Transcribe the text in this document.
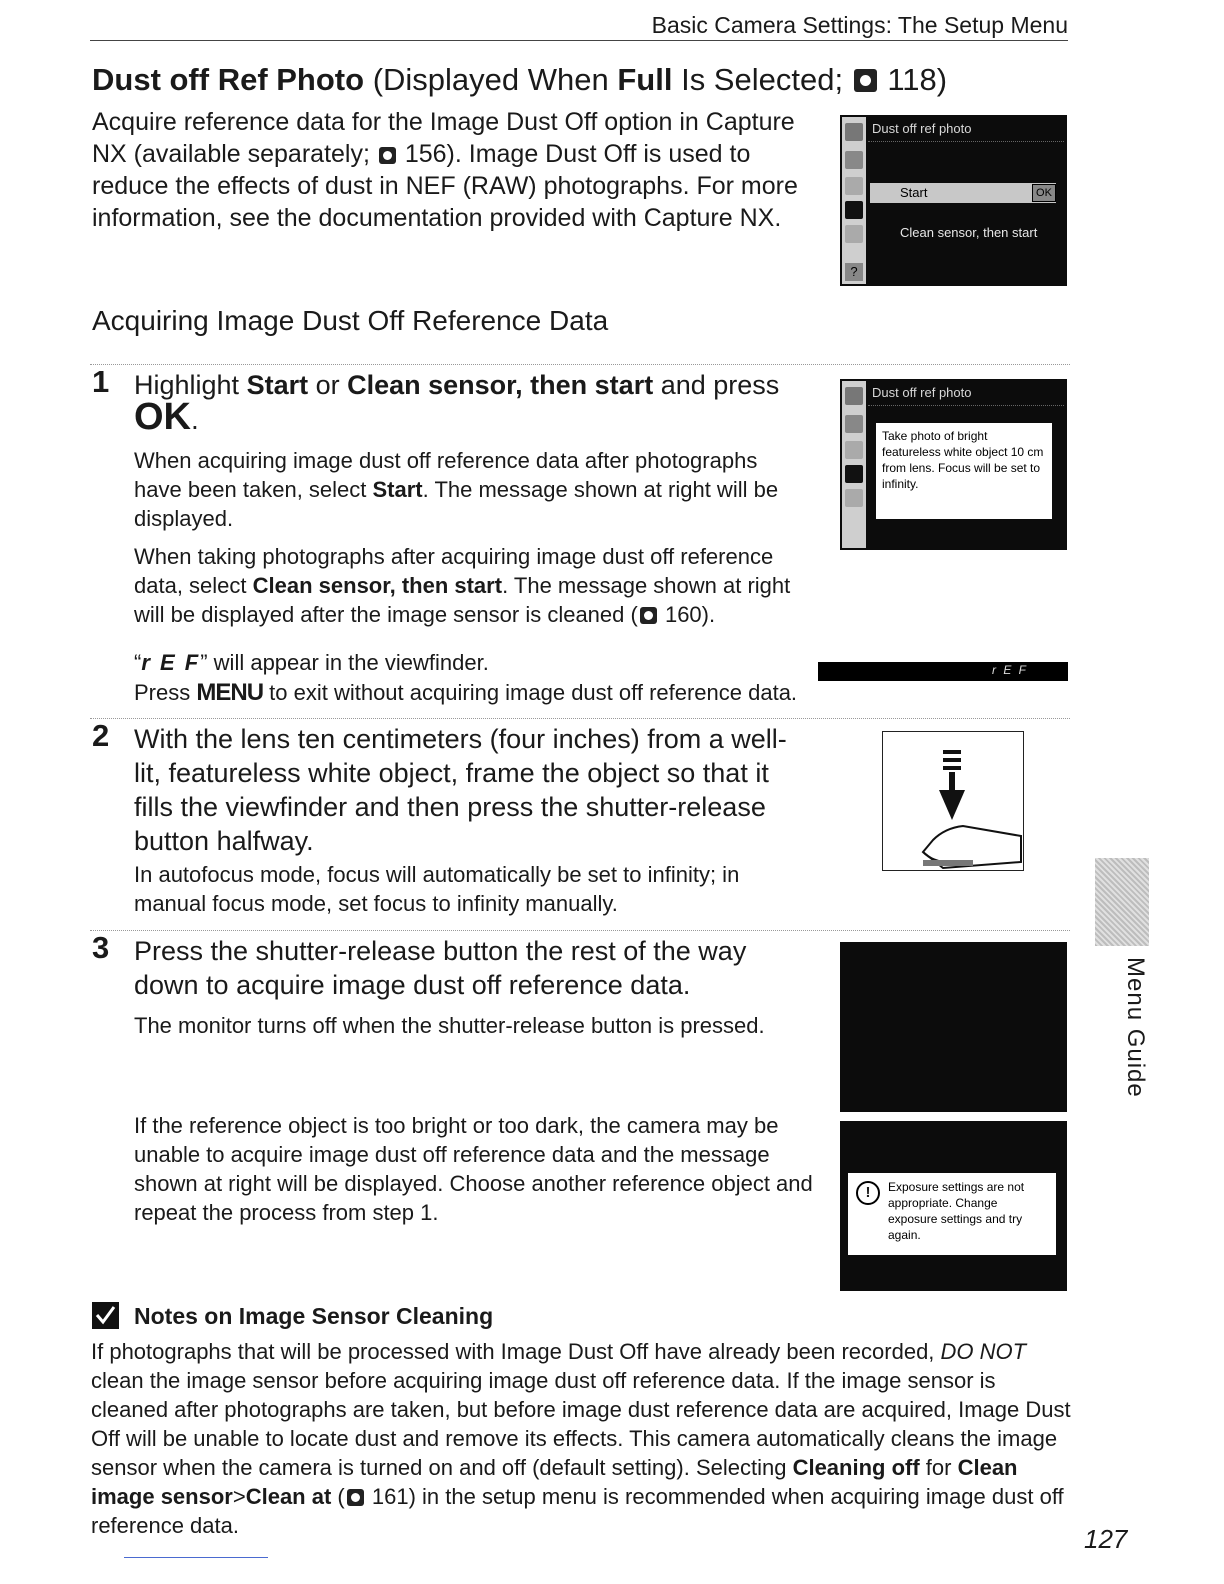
Basic Camera Settings: The Setup Menu
Dust off Ref Photo (Displayed When Full Is Selected;  118)
Acquire reference data for the Image Dust Off option in Capture NX (available separately;  156). Image Dust Off is used to reduce the effects of dust in NEF (RAW) photographs. For more information, see the documentation provided with Capture NX.
?
Dust off ref photo
Start	OK
Clean sensor, then start
Acquiring Image Dust Off Reference Data
1 Highlight Start or Clean sensor, then start and press
OK.
When acquiring image dust off reference data after photographs have been taken, select Start. The message shown at right will be displayed.
When taking photographs after acquiring image dust off reference data, select Clean sensor, then start. The message shown at right will be displayed after the image sensor is cleaned ( 160).
“r E F” will appear in the viewfinder.
Press MENU to exit without acquiring image dust off reference data.
Dust off ref photo
Take photo of bright featureless white object 10 cm from lens. Focus will be set to infinity.
r E F
2 With the lens ten centimeters (four inches) from a well-lit, featureless white object, frame the object so that it fills the viewfinder and then press the shutter-release button halfway.
In autofocus mode, focus will automatically be set to infinity; in manual focus mode, set focus to infinity manually.
3 Press the shutter-release button the rest of the way down to acquire image dust off reference data.
The monitor turns off when the shutter-release button is pressed.
If the reference object is too bright or too dark, the camera may be unable to acquire image dust off reference data and the message shown at right will be displayed. Choose another reference object and repeat the process from step 1.
!	Exposure settings are not appropriate. Change exposure settings and try again.
Notes on Image Sensor Cleaning
If photographs that will be processed with Image Dust Off have already been recorded, DO NOT clean the image sensor before acquiring image dust off reference data. If the image sensor is cleaned after photographs are taken, but before image dust reference data are acquired, Image Dust Off will be unable to locate dust and remove its effects. This camera automatically cleans the image sensor when the camera is turned on and off (default setting). Selecting Cleaning off for Clean image sensor>Clean at ( 161) in the setup menu is recommended when acquiring image dust off reference data.
Menu Guide
127
